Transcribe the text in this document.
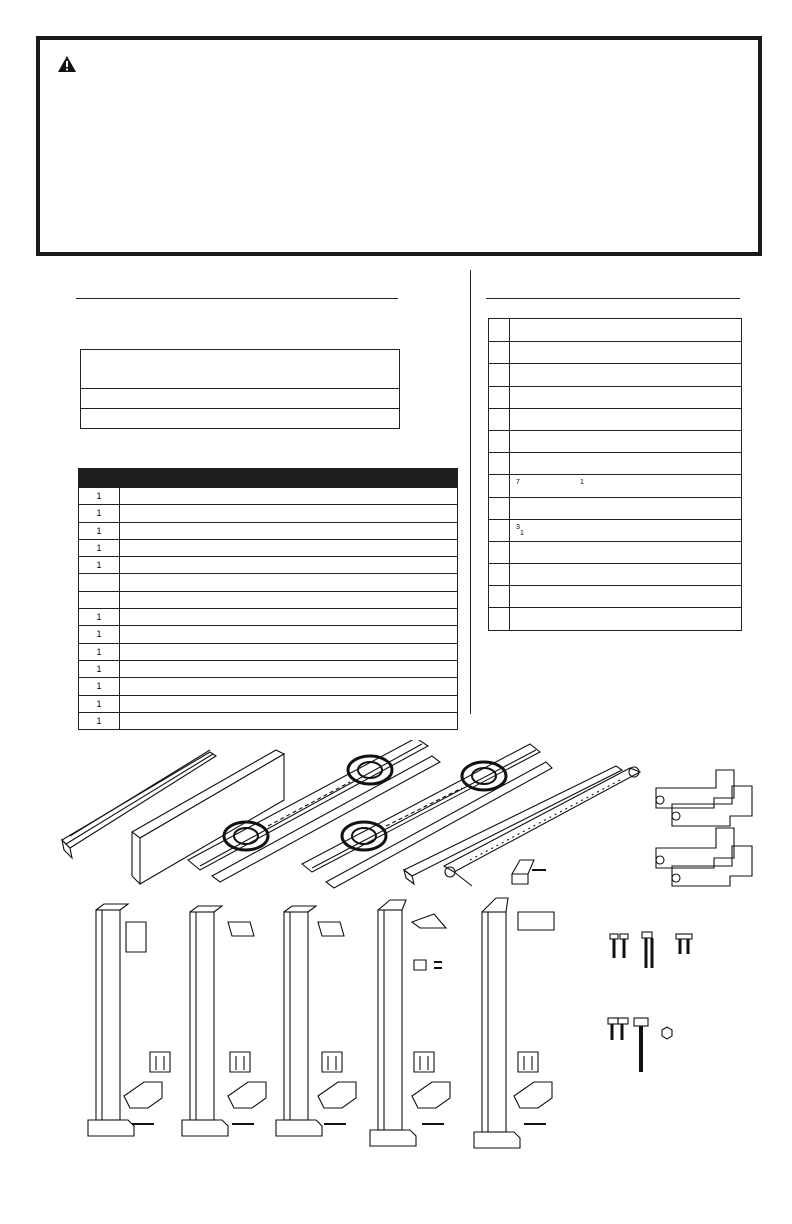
1
1
1
1
1
1
1
1
1
1
1
1
7	1
3
1
